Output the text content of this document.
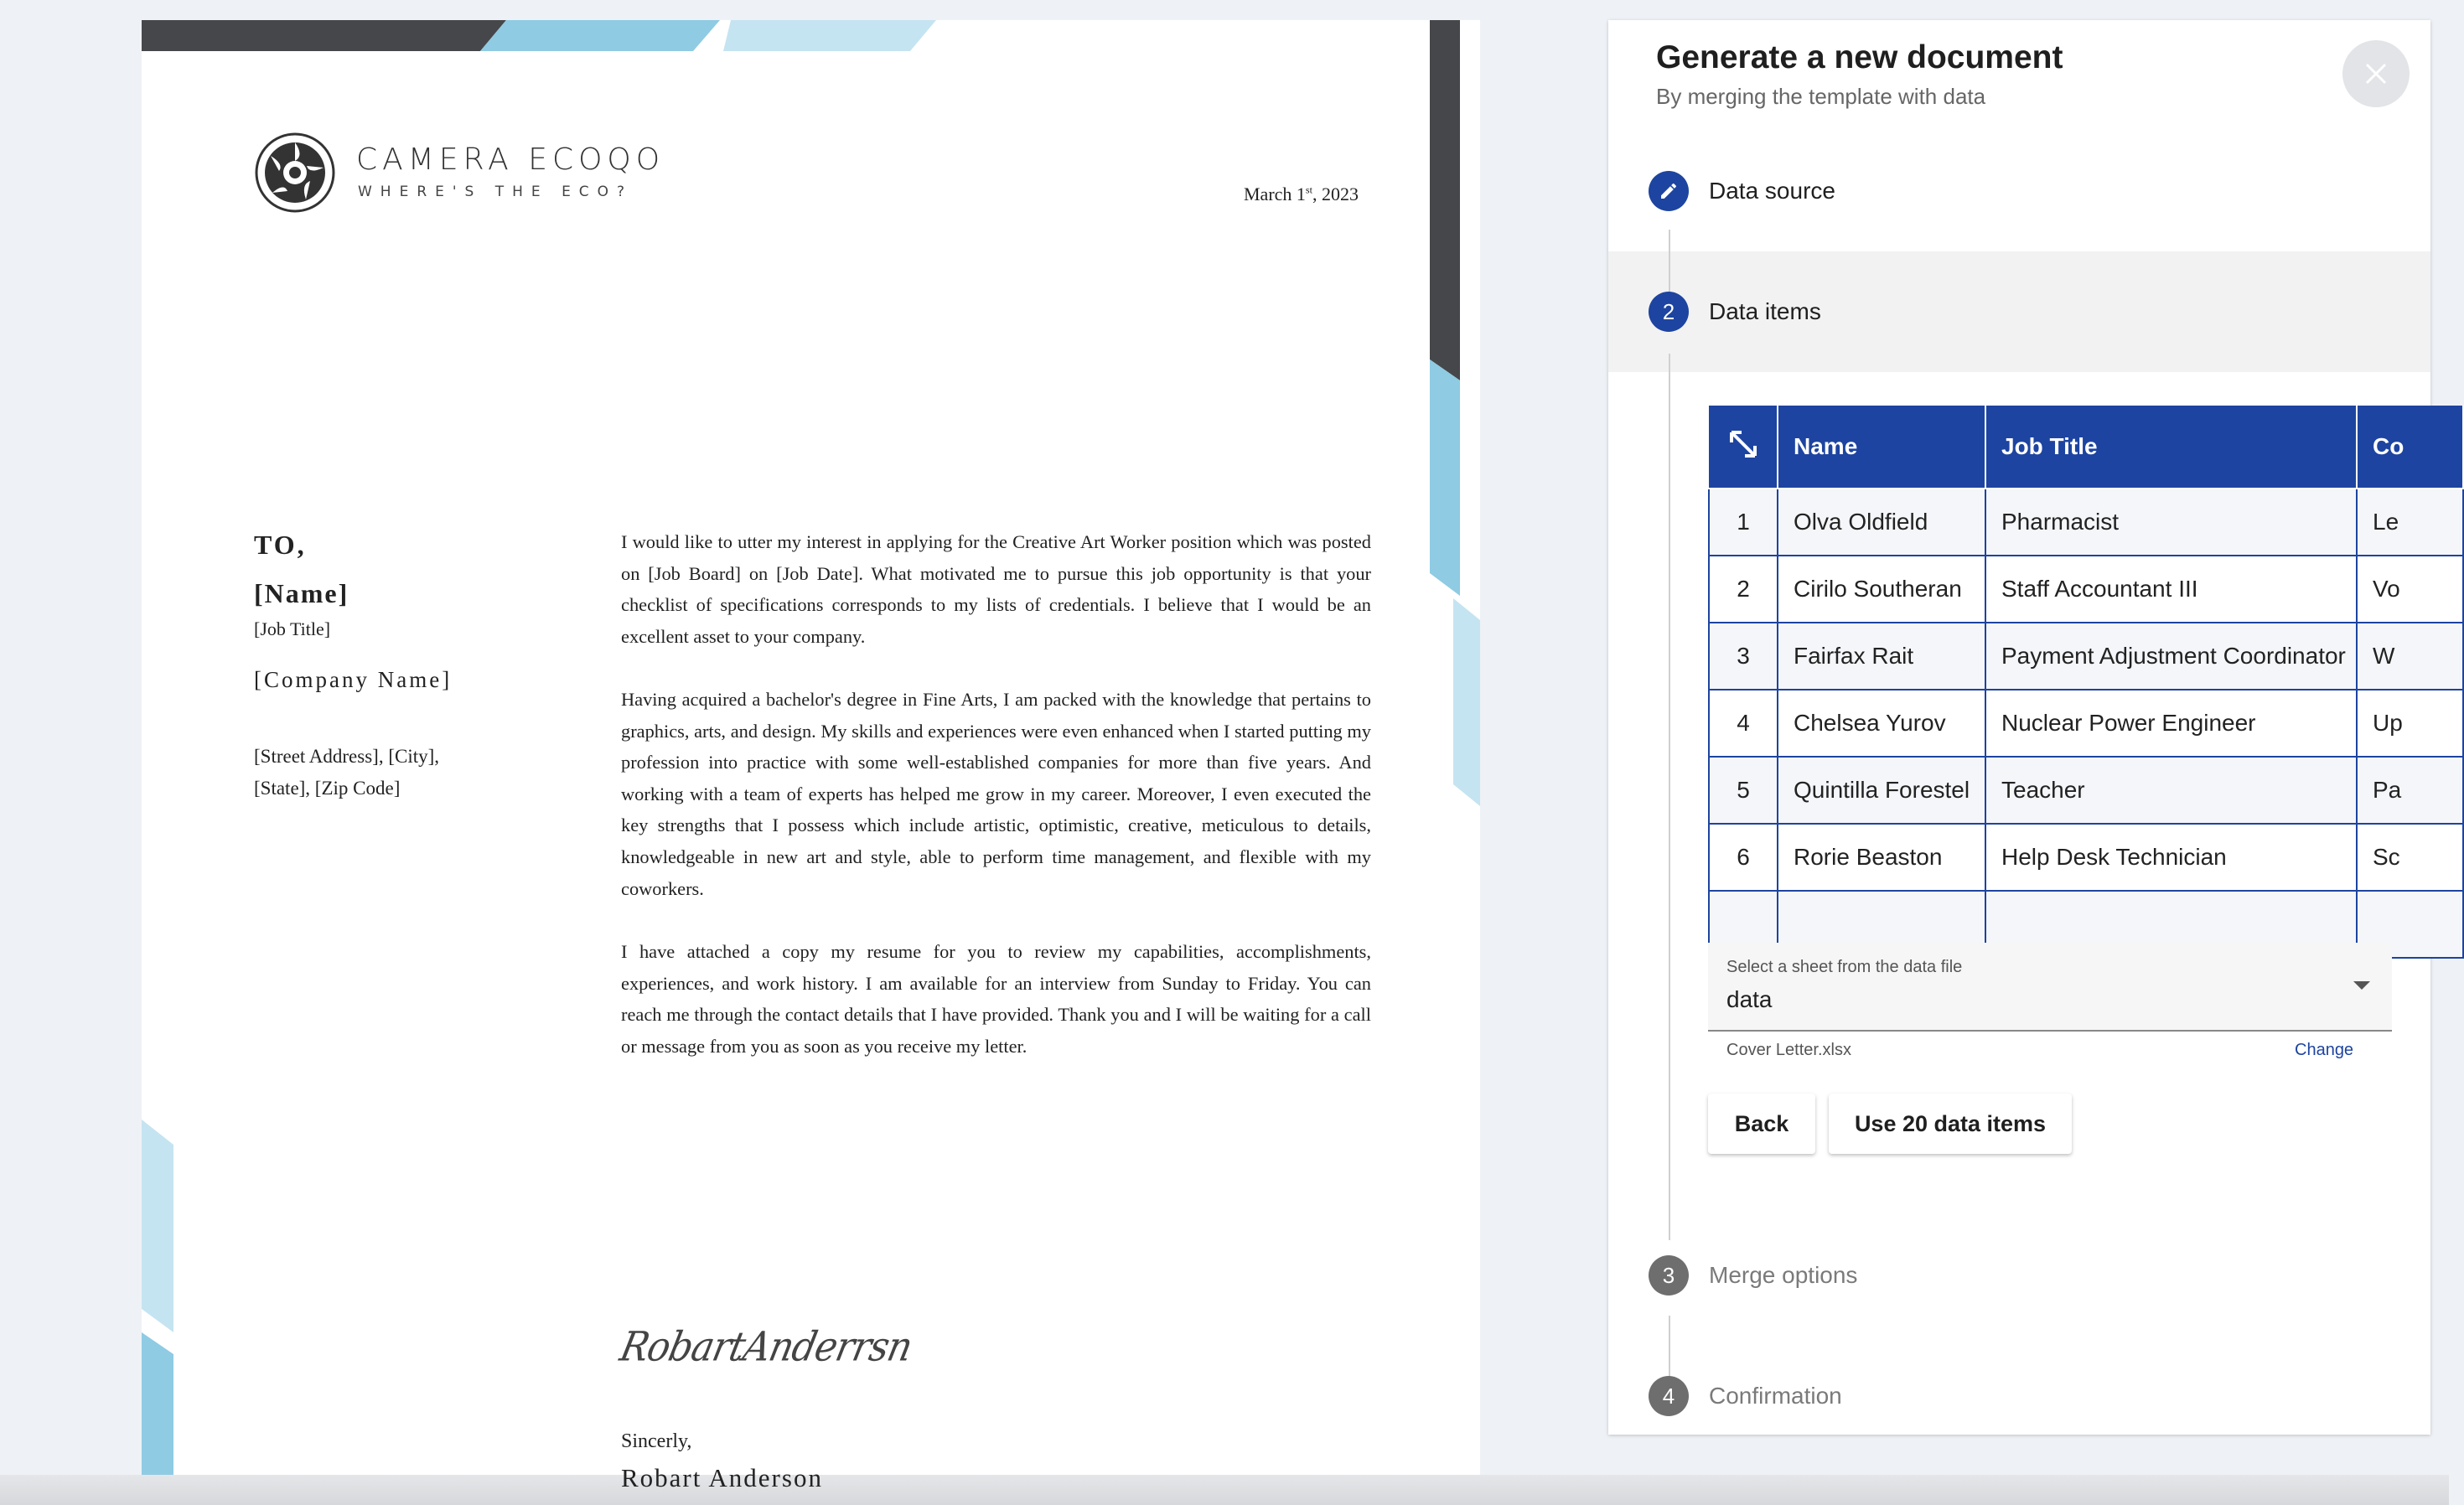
CAMERA ECOQO
WHERE'S THE ECO?	March 1st, 2023
TO,
[Name]
[Job Title]
[Company Name]
[Street Address], [City],
[State], [Zip Code]

I would like to utter my interest in applying for the Creative Art Worker position which was posted on [Job Board] on [Job Date]. What motivated me to pursue this job opportunity is that your checklist of specifications corresponds to my lists of credentials. I believe that I would be an excellent asset to your company.

Having acquired a bachelor's degree in Fine Arts, I am packed with the knowledge that pertains to graphics, arts, and design. My skills and experiences were even enhanced when I started putting my profession into practice with some well-established companies for more than five years. And working with a team of experts has helped me grow in my career. Moreover, I even executed the key strengths that I possess which include artistic, optimistic, creative, meticulous to details, knowledgeable in new art and style, able to perform time management, and flexible with my coworkers.

I have attached a copy my resume for you to review my capabilities, accomplishments, experiences, and work history. I am available for an interview from Sunday to Friday. You can reach me through the contact details that I have provided. Thank you and I will be waiting for a call or message from you as soon as you receive my letter.

RobartAnderrsn
Sincerly,
Robart Anderson
Generate a new document
By merging the template with data
Data source
2	Data items
	Name	Job Title	Co
1	Olva Oldfield	Pharmacist	Le
2	Cirilo Southeran	Staff Accountant III	Vo
3	Fairfax Rait	Payment Adjustment Coordinator	W
4	Chelsea Yurov	Nuclear Power Engineer	Up
5	Quintilla Forestel	Teacher	Pa
6	Rorie Beaston	Help Desk Technician	Sc

Select a sheet from the data file
data
Cover Letter.xlsx	Change
Back	Use 20 data items
3	Merge options
4	Confirmation
